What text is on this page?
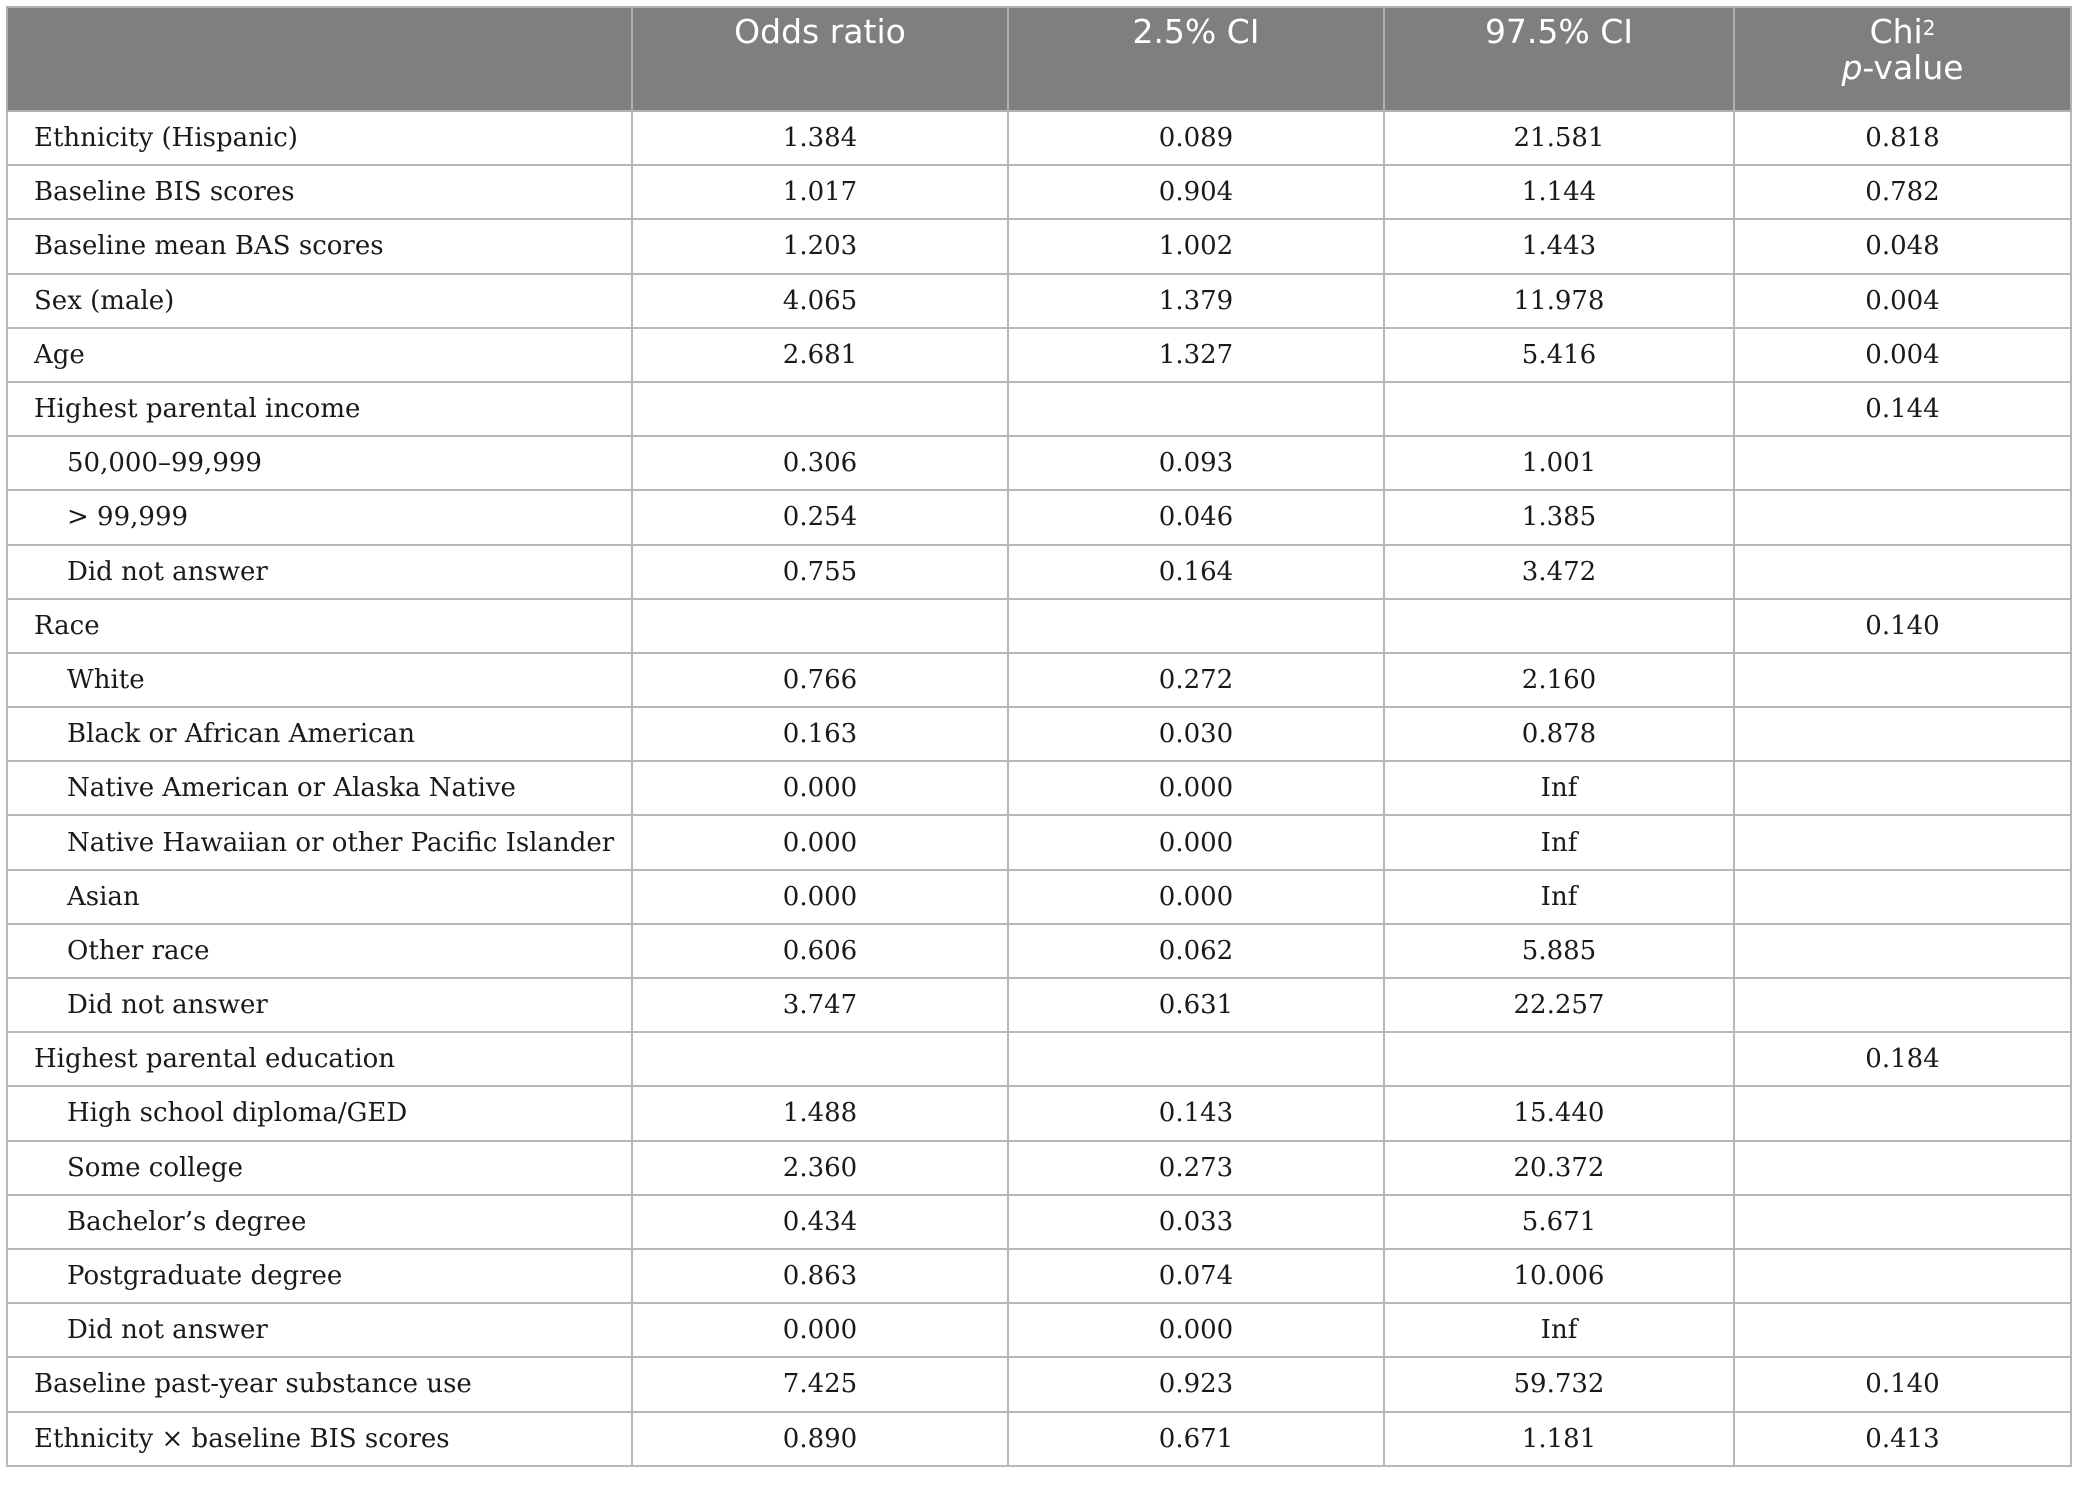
	Odds ratio	2.5% CI	97.5% CI	Chi$^2$
p-value
Ethnicity (Hispanic)	1.384	0.089	21.581	0.818
Baseline BIS scores	1.017	0.904	1.144	0.782
Baseline mean BAS scores	1.203	1.002	1.443	0.048
Sex (male)	4.065	1.379	11.978	0.004
Age	2.681	1.327	5.416	0.004
Highest parental income				0.144
50,000–99,999	0.306	0.093	1.001	
> 99,999	0.254	0.046	1.385	
Did not answer	0.755	0.164	3.472	
Race				0.140
White	0.766	0.272	2.160	
Black or African American	0.163	0.030	0.878	
Native American or Alaska Native	0.000	0.000	Inf	
Native Hawaiian or other Pacific Islander	0.000	0.000	Inf	
Asian	0.000	0.000	Inf	
Other race	0.606	0.062	5.885	
Did not answer	3.747	0.631	22.257	
Highest parental education				0.184
High school diploma/GED	1.488	0.143	15.440	
Some college	2.360	0.273	20.372	
Bachelor’s degree	0.434	0.033	5.671	
Postgraduate degree	0.863	0.074	10.006	
Did not answer	0.000	0.000	Inf	
Baseline past-year substance use	7.425	0.923	59.732	0.140
Ethnicity × baseline BIS scores	0.890	0.671	1.181	0.413
